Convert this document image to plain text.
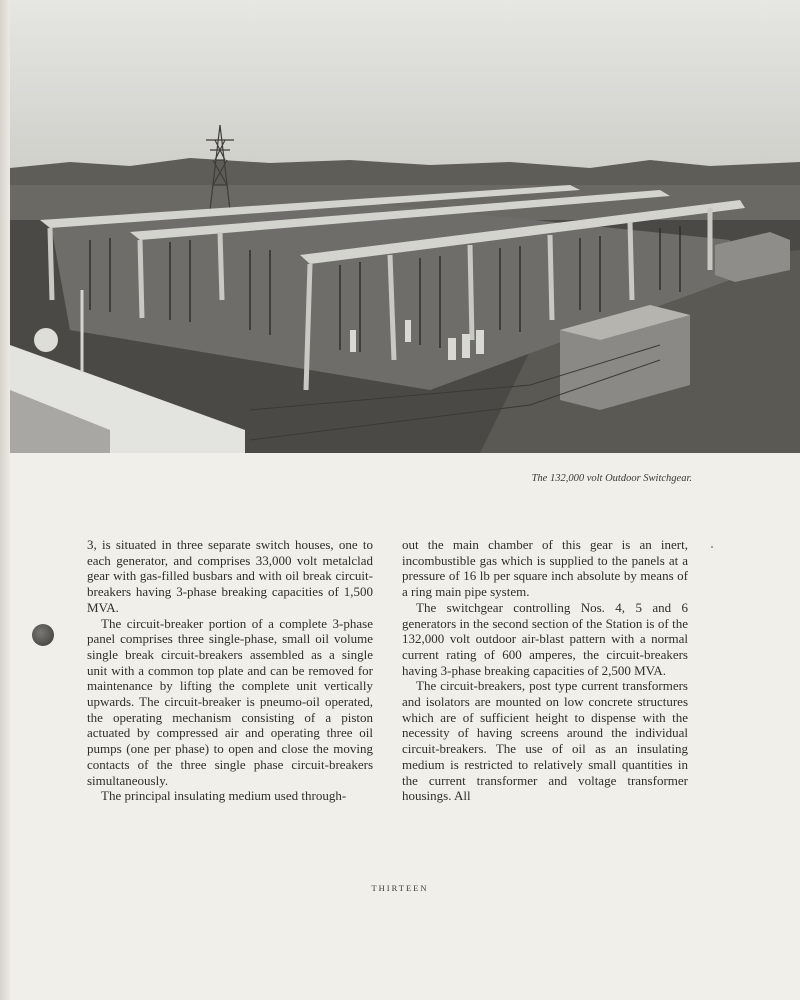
The 132,000 volt Outdoor Switchgear.

3, is situated in three separate switch houses, one to each generator, and comprises 33,000 volt metalclad gear with gas-filled busbars and with oil break circuit-breakers having 3-phase breaking capacities of 1,500 MVA.

The circuit-breaker portion of a complete 3-phase panel comprises three single-phase, small oil volume single break circuit-breakers assembled as a single unit with a common top plate and can be removed for maintenance by lifting the complete unit vertically upwards. The circuit-breaker is pneumo-oil operated, the operating mechanism consisting of a piston actuated by compressed air and operating three oil pumps (one per phase) to open and close the moving contacts of the three single phase circuit-breakers simultaneously.

The principal insulating medium used through-

out the main chamber of this gear is an inert, incombustible gas which is supplied to the panels at a pressure of 16 lb per square inch absolute by means of a ring main pipe system.

The switchgear controlling Nos. 4, 5 and 6 generators in the second section of the Station is of the 132,000 volt outdoor air-blast pattern with a normal current rating of 600 amperes, the circuit-breakers having 3-phase breaking capacities of 2,500 MVA.

The circuit-breakers, post type current transformers and isolators are mounted on low concrete structures which are of sufficient height to dispense with the necessity of having screens around the individual circuit-breakers. The use of oil as an insulating medium is restricted to relatively small quantities in the current transformer and voltage transformer housings. All

THIRTEEN
